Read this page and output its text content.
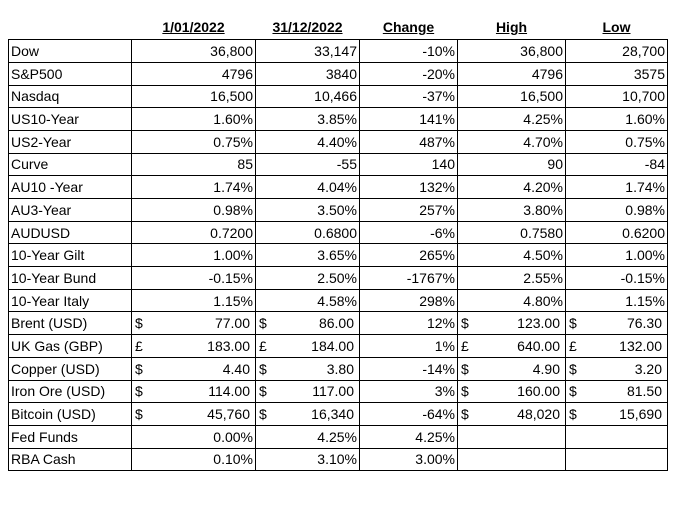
	1/01/2022	31/12/2022	Change	High	Low
Dow	36,800	33,147	-10%	36,800	28,700
S&P500	4796	3840	-20%	4796	3575
Nasdaq	16,500	10,466	-37%	16,500	10,700
US10-Year	1.60%	3.85%	141%	4.25%	1.60%
US2-Year	0.75%	4.40%	487%	4.70%	0.75%
Curve	85	-55	140	90	-84
AU10 -Year	1.74%	4.04%	132%	4.20%	1.74%
AU3-Year	0.98%	3.50%	257%	3.80%	0.98%
AUDUSD	0.7200	0.6800	-6%	0.7580	0.6200
10-Year Gilt	1.00%	3.65%	265%	4.50%	1.00%
10-Year Bund	-0.15%	2.50%	-1767%	2.55%	-0.15%
10-Year Italy	1.15%	4.58%	298%	4.80%	1.15%
Brent (USD)	$ 77.00	$ 86.00	12%	$ 123.00	$ 76.30

UK Gas (GBP)	£ 183.00	£ 184.00	1%	£ 640.00	£ 132.00

Copper (USD)	$ 4.40	$ 3.80	-14%	$ 4.90	$ 3.20

Iron Ore (USD)	$ 114.00	$ 117.00	3%	$ 160.00	$ 81.50

Bitcoin (USD)	$ 45,760	$ 16,340	-64%	$ 48,020	$ 15,690

Fed Funds	0.00%	4.25%	4.25%		
RBA Cash	0.10%	3.10%	3.00%		
